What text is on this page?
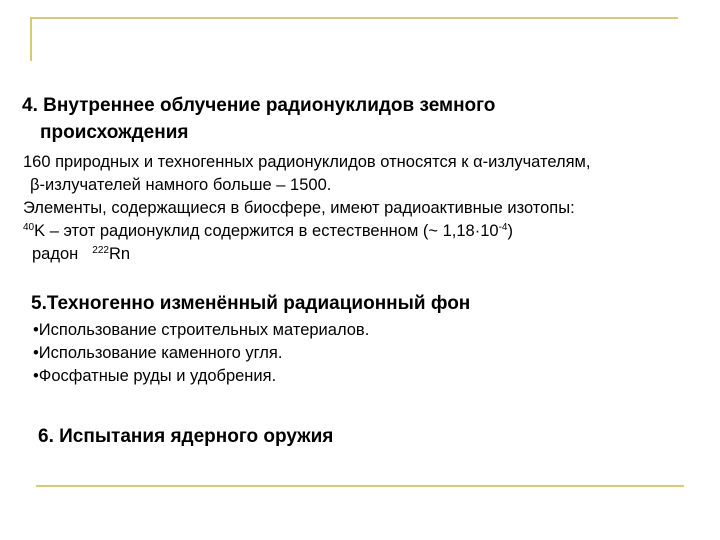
4. Внутреннее облучение радионуклидов земного
происхождения
160 природных и техногенных радионуклидов относятся к α-излучателям,
β-излучателей намного больше – 1500.
Элементы, содержащиеся в биосфере, имеют радиоактивные изотопы:
$^{40}$K – этот радионуклид содержится в естественном (~ $1,18\cdot 10^{-4}$)
радон $^{222}$Rn
5.Техногенно изменённый радиационный фон
•Использование строительных материалов.
•Использование каменного угля.
•Фосфатные руды и удобрения.
6. Испытания ядерного оружия
